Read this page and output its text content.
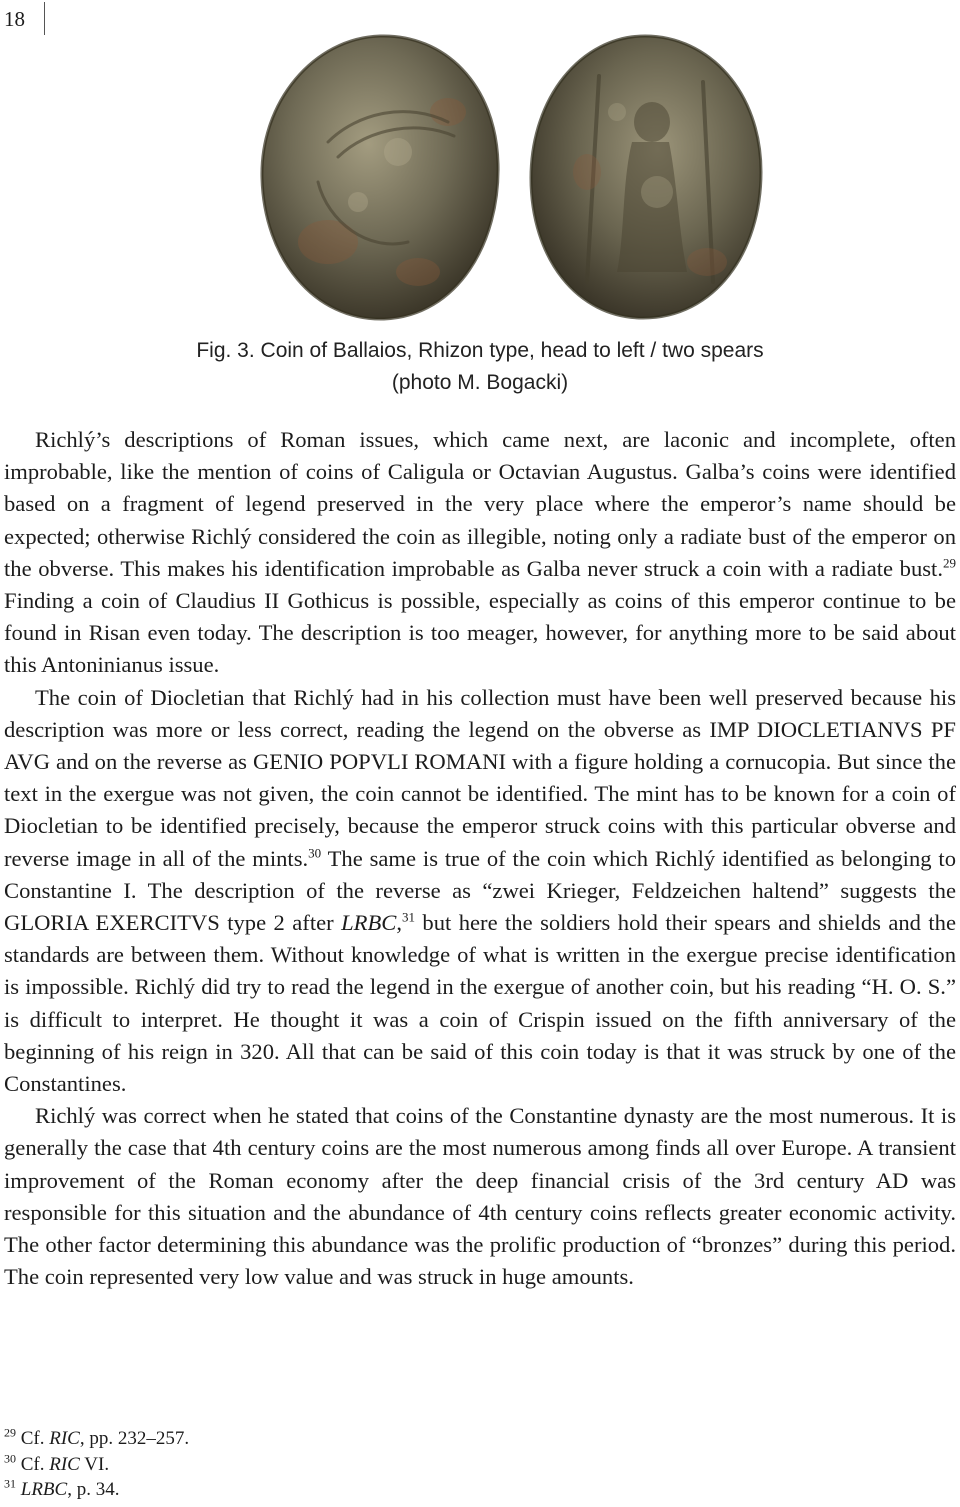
18
Fig. 3. Coin of Ballaios, Rhizon type, head to left / two spears
(photo M. Bogacki)

Richlý’s descriptions of Roman issues, which came next, are laconic and incomplete, often improbable, like the mention of coins of Caligula or Octavian Augustus. Galba’s coins were identified based on a fragment of legend preserved in the very place where the emperor’s name should be expected; otherwise Richlý considered the coin as illegible, noting only a radiate bust of the emperor on the obverse. This makes his identification improbable as Galba never struck a coin with a radiate bust.$^{29}$ Finding a coin of Claudius II Gothicus is possible, especially as coins of this emperor continue to be found in Risan even today. The description is too meager, however, for anything more to be said about this Antoninianus issue.

The coin of Diocletian that Richlý had in his collection must have been well preserved because his description was more or less correct, reading the legend on the obverse as IMP DIOCLETIANVS PF AVG and on the reverse as GENIO POPVLI ROMANI with a figure holding a cornucopia. But since the text in the exergue was not given, the coin cannot be identified. The mint has to be known for a coin of Diocletian to be identified precisely, because the emperor struck coins with this particular obverse and reverse image in all of the mints.$^{30}$ The same is true of the coin which Richlý identified as belonging to Constantine I. The description of the reverse as “zwei Krieger, Feldzeichen haltend” suggests the GLORIA EXERCITVS type 2 after LRBC,$^{31}$ but here the soldiers hold their spears and shields and the standards are between them. Without knowledge of what is written in the exergue precise identification is impossible. Richlý did try to read the legend in the exergue of another coin, but his reading “H. O. S.” is difficult to interpret. He thought it was a coin of Crispin issued on the fifth anniversary of the beginning of his reign in 320. All that can be said of this coin today is that it was struck by one of the Constantines.

Richlý was correct when he stated that coins of the Constantine dynasty are the most numerous. It is generally the case that 4th century coins are the most numerous among finds all over Europe. A transient improvement of the Roman economy after the deep financial crisis of the 3rd century AD was responsible for this situation and the abundance of 4th century coins reflects greater economic activity. The other factor determining this abundance was the prolific production of “bronzes” during this period. The coin represented very low value and was struck in huge amounts.

$^{29}$ Cf. RIC, pp. 232–257.
$^{30}$ Cf. RIC VI.
$^{31}$ LRBC, p. 34.
